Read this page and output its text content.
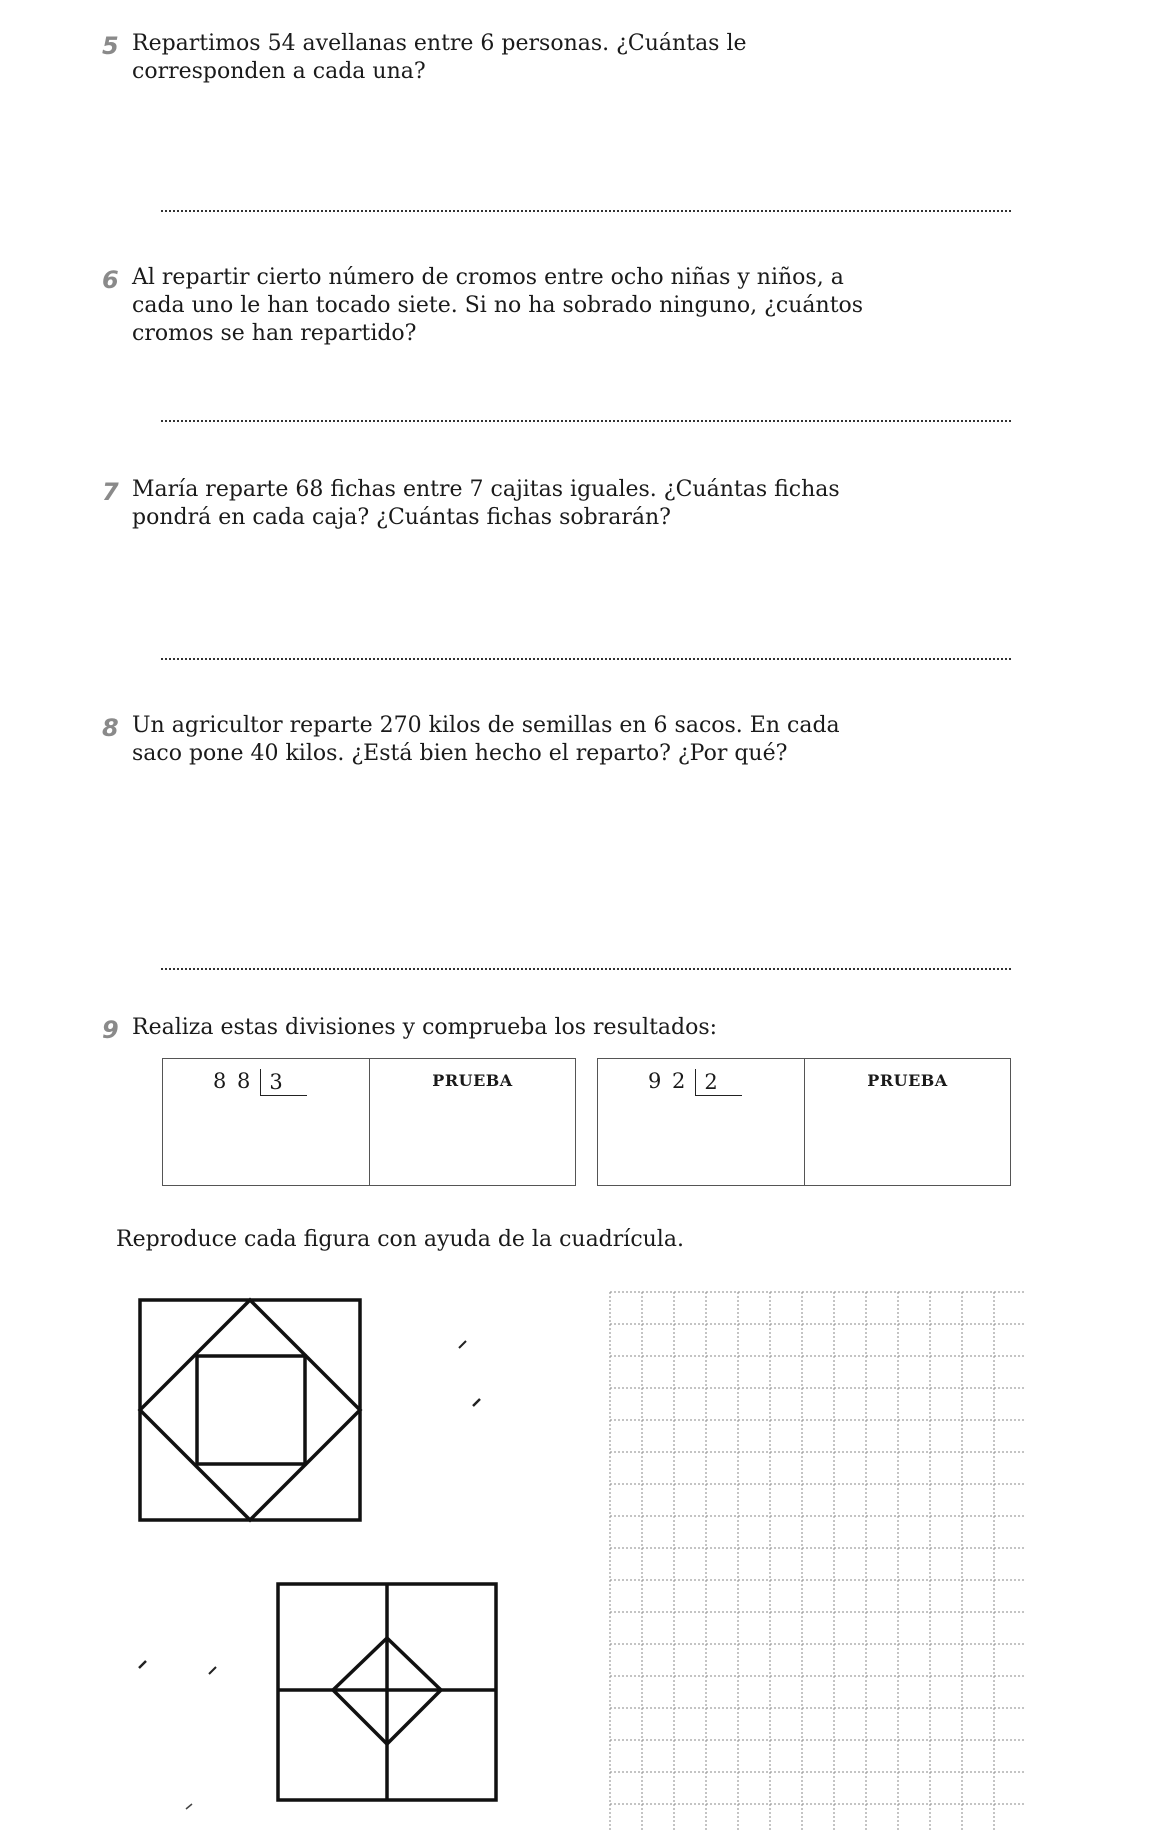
5 Repartimos 54 avellanas entre 6 personas. ¿Cuántas le corresponden a cada una?

6 Al repartir cierto número de cromos entre ocho niñas y niños, a cada uno le han tocado siete. Si no ha sobrado ninguno, ¿cuántos cromos se han repartido?

7 María reparte 68 fichas entre 7 cajitas iguales. ¿Cuántas fichas pondrá en cada caja? ¿Cuántas fichas sobrarán?

8 Un agricultor reparte 270 kilos de semillas en 6 sacos. En cada saco pone 40 kilos. ¿Está bien hecho el reparto? ¿Por qué?

9 Realiza estas divisiones y comprueba los resultados:

8 8 3	PRUEBA	9 2 2	PRUEBA

Reproduce cada figura con ayuda de la cuadrícula.
